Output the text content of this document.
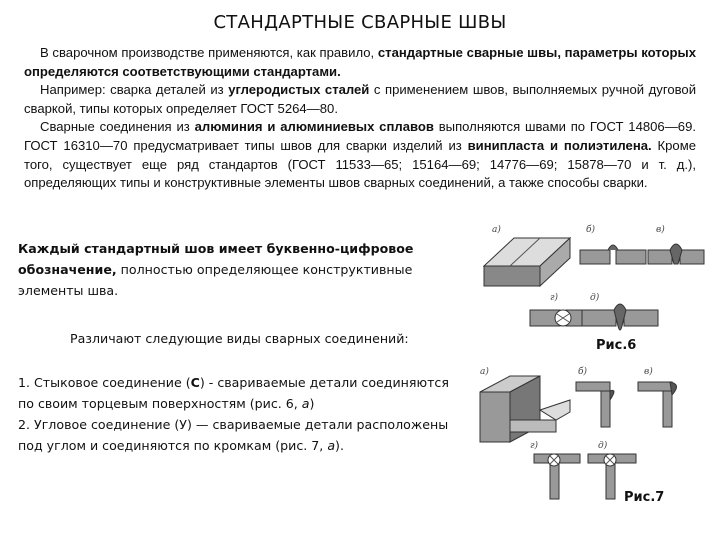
СТАНДАРТНЫЕ СВАРНЫЕ ШВЫ

В сварочном производстве применяются, как правило, стандартные сварные швы, параметры которых определяются соответствующими стандартами.

Например: сварка деталей из углеродистых сталей с применением швов, выполняемых ручной дуговой сваркой, типы которых определяет ГОСТ 5264—80.

Сварные соединения из алюминия и алюминиевых сплавов выполняются швами по ГОСТ 14806—69. ГОСТ 16310—70 предусматривает типы швов для сварки изделий из винипласта и полиэтилена. Кроме того, существует еще ряд стандартов (ГОСТ 11533—65; 15164—69; 14776—69; 15878—70 и т. д.), определяющих типы и конструктивные элементы швов сварных соединений, а также способы сварки.

Каждый стандартный шов имеет буквенно-цифровое обозначение, полностью определяющее конструктивные элементы шва.
Различают следующие виды сварных соединений:
1. Стыковое соединение (С) - свариваемые детали соединяются по своим торцевым поверхностям (рис. 6, а)
2. Угловое соединение (У) — свариваемые детали расположены под углом и соединяются по кромкам (рис. 7, а).
а)	б)	в)
г)	д)
Рис.6
а)	б)	в)
г)	д)
Рис.7
